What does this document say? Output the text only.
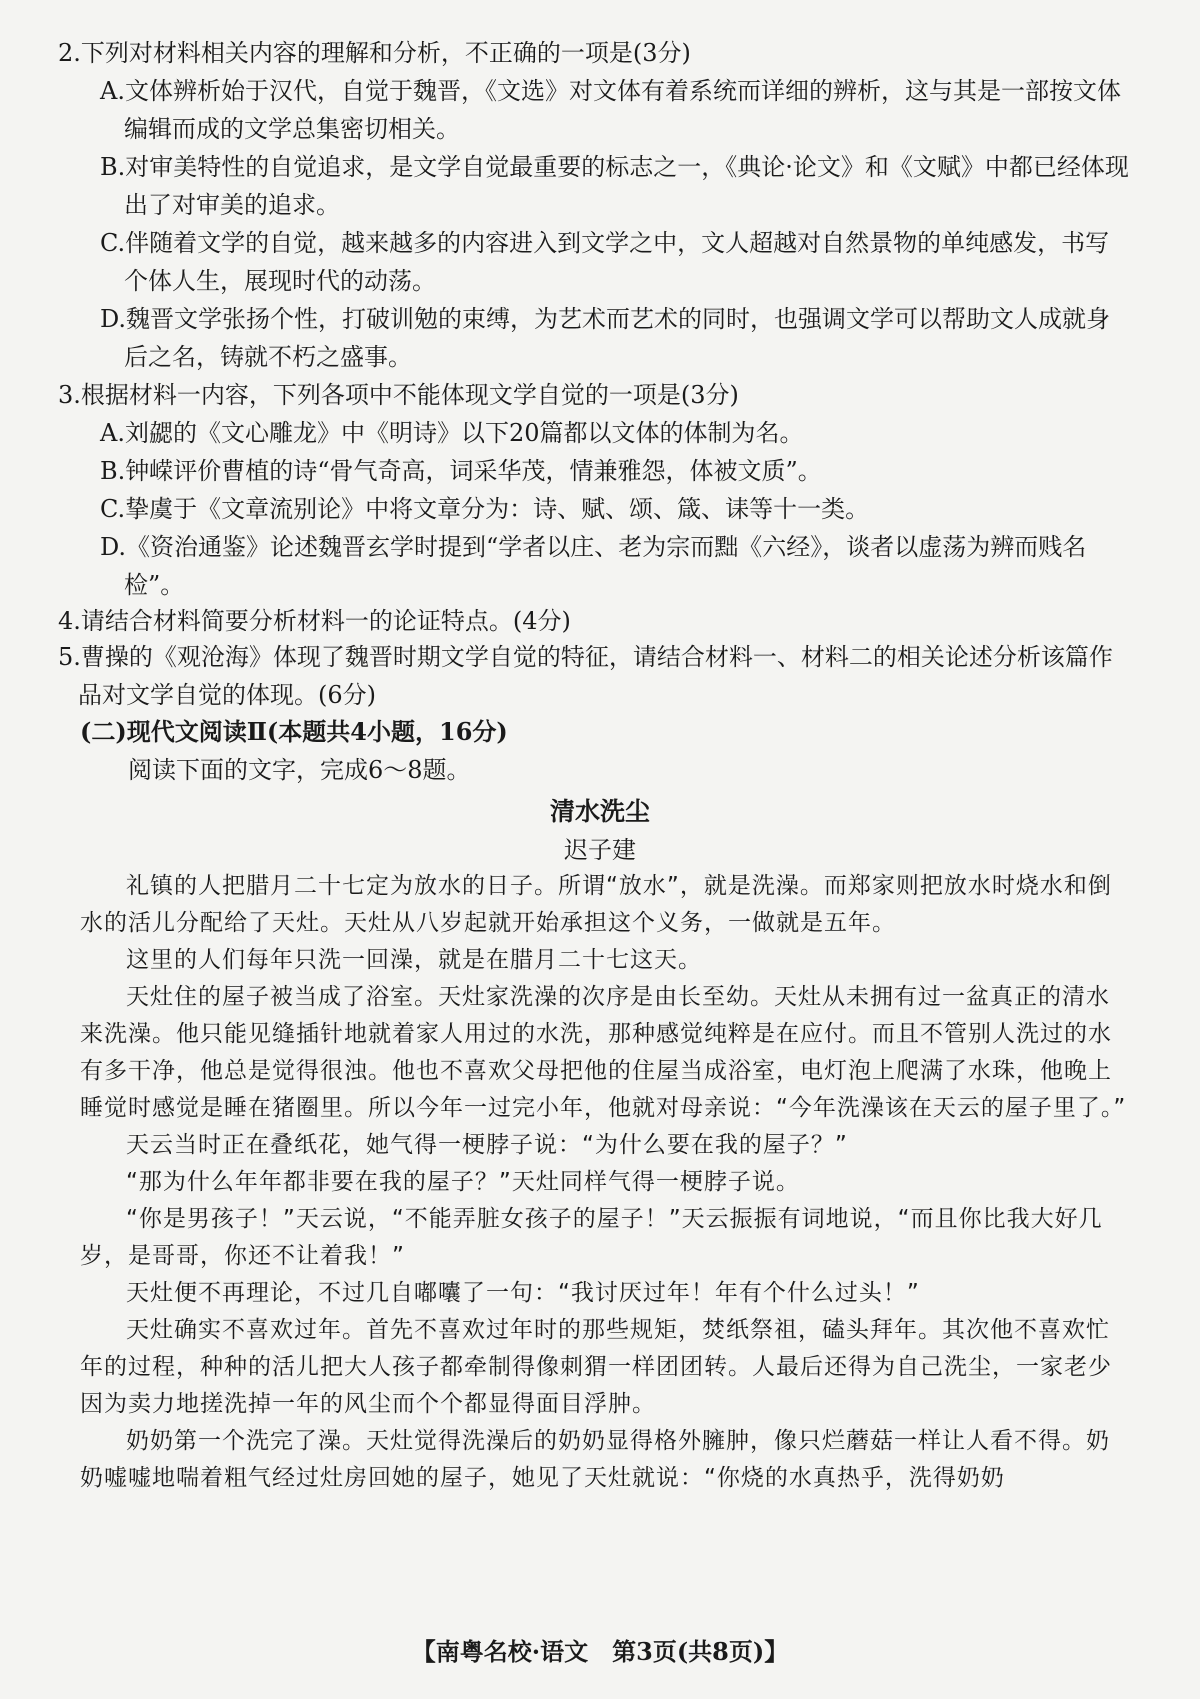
2.下列对材料相关内容的理解和分析，不正确的一项是(3分)
A.文体辨析始于汉代，自觉于魏晋，《文选》对文体有着系统而详细的辨析，这与其是一部按文体编辑而成的文学总集密切相关。
B.对审美特性的自觉追求，是文学自觉最重要的标志之一，《典论·论文》和《文赋》中都已经体现出了对审美的追求。
C.伴随着文学的自觉，越来越多的内容进入到文学之中，文人超越对自然景物的单纯感发，书写个体人生，展现时代的动荡。
D.魏晋文学张扬个性，打破训勉的束缚，为艺术而艺术的同时，也强调文学可以帮助文人成就身后之名，铸就不朽之盛事。
3.根据材料一内容，下列各项中不能体现文学自觉的一项是(3分)
A.刘勰的《文心雕龙》中《明诗》以下20篇都以文体的体制为名。
B.钟嵘评价曹植的诗“骨气奇高，词采华茂，情兼雅怨，体被文质”。
C.挚虞于《文章流别论》中将文章分为：诗、赋、颂、箴、诔等十一类。
D.《资治通鉴》论述魏晋玄学时提到“学者以庄、老为宗而黜《六经》，谈者以虚荡为辨而贱名检”。
4.请结合材料简要分析材料一的论证特点。(4分)
5.曹操的《观沧海》体现了魏晋时期文学自觉的特征，请结合材料一、材料二的相关论述分析该篇作品对文学自觉的体现。(6分)
(二)现代文阅读Ⅱ(本题共4小题，16分)
阅读下面的文字，完成6～8题。
清水洗尘
迟子建

礼镇的人把腊月二十七定为放水的日子。所谓“放水”，就是洗澡。而郑家则把放水时烧水和倒水的活儿分配给了天灶。天灶从八岁起就开始承担这个义务，一做就是五年。

这里的人们每年只洗一回澡，就是在腊月二十七这天。

天灶住的屋子被当成了浴室。天灶家洗澡的次序是由长至幼。天灶从未拥有过一盆真正的清水来洗澡。他只能见缝插针地就着家人用过的水洗，那种感觉纯粹是在应付。而且不管别人洗过的水有多干净，他总是觉得很浊。他也不喜欢父母把他的住屋当成浴室，电灯泡上爬满了水珠，他晚上睡觉时感觉是睡在猪圈里。所以今年一过完小年，他就对母亲说：“今年洗澡该在天云的屋子里了。”

天云当时正在叠纸花，她气得一梗脖子说：“为什么要在我的屋子？”

“那为什么年年都非要在我的屋子？”天灶同样气得一梗脖子说。

“你是男孩子！”天云说，“不能弄脏女孩子的屋子！”天云振振有词地说，“而且你比我大好几岁，是哥哥，你还不让着我！”

天灶便不再理论，不过几自嘟囔了一句：“我讨厌过年！年有个什么过头！”

天灶确实不喜欢过年。首先不喜欢过年时的那些规矩，焚纸祭祖，磕头拜年。其次他不喜欢忙年的过程，种种的活儿把大人孩子都牵制得像刺猬一样团团转。人最后还得为自己洗尘，一家老少因为卖力地搓洗掉一年的风尘而个个都显得面目浮肿。

奶奶第一个洗完了澡。天灶觉得洗澡后的奶奶显得格外臃肿，像只烂蘑菇一样让人看不得。奶奶嘘嘘地喘着粗气经过灶房回她的屋子，她见了天灶就说：“你烧的水真热乎，洗得奶奶

【南粤名校·语文　第3页(共8页)】
